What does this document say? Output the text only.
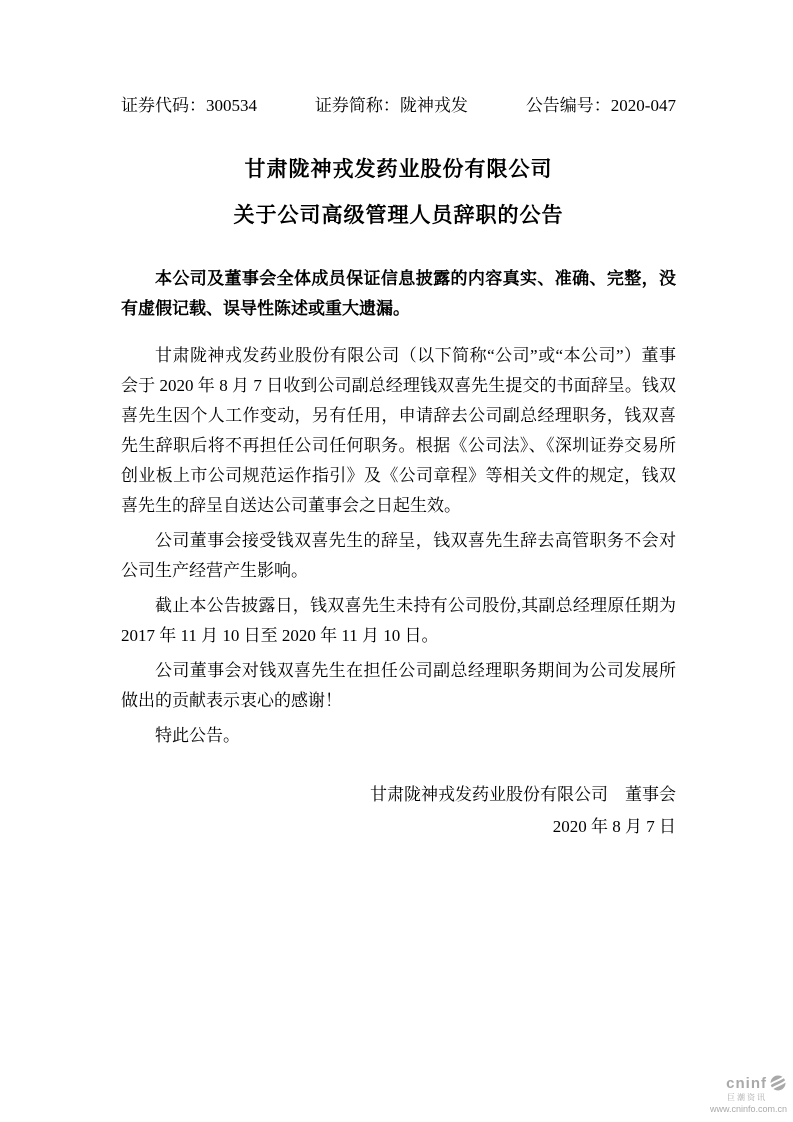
证券代码：300534	证券简称：陇神戎发	公告编号：2020-047
甘肃陇神戎发药业股份有限公司
关于公司高级管理人员辞职的公告

本公司及董事会全体成员保证信息披露的内容真实、准确、完整，没有虚假记载、误导性陈述或重大遗漏。

甘肃陇神戎发药业股份有限公司（以下简称“公司”或“本公司”）董事会于 2020 年 8 月 7 日收到公司副总经理钱双喜先生提交的书面辞呈。钱双喜先生因个人工作变动，另有任用，申请辞去公司副总经理职务，钱双喜先生辞职后将不再担任公司任何职务。根据《公司法》、《深圳证券交易所创业板上市公司规范运作指引》及《公司章程》等相关文件的规定，钱双喜先生的辞呈自送达公司董事会之日起生效。

公司董事会接受钱双喜先生的辞呈，钱双喜先生辞去高管职务不会对公司生产经营产生影响。

截止本公告披露日，钱双喜先生未持有公司股份,其副总经理原任期为 2017 年 11 月 10 日至 2020 年 11 月 10 日。

公司董事会对钱双喜先生在担任公司副总经理职务期间为公司发展所做出的贡献表示衷心的感谢！

特此公告。

甘肃陇神戎发药业股份有限公司　董事会
2020 年 8 月 7 日
cninf
巨潮资讯
www.cninfo.com.cn
